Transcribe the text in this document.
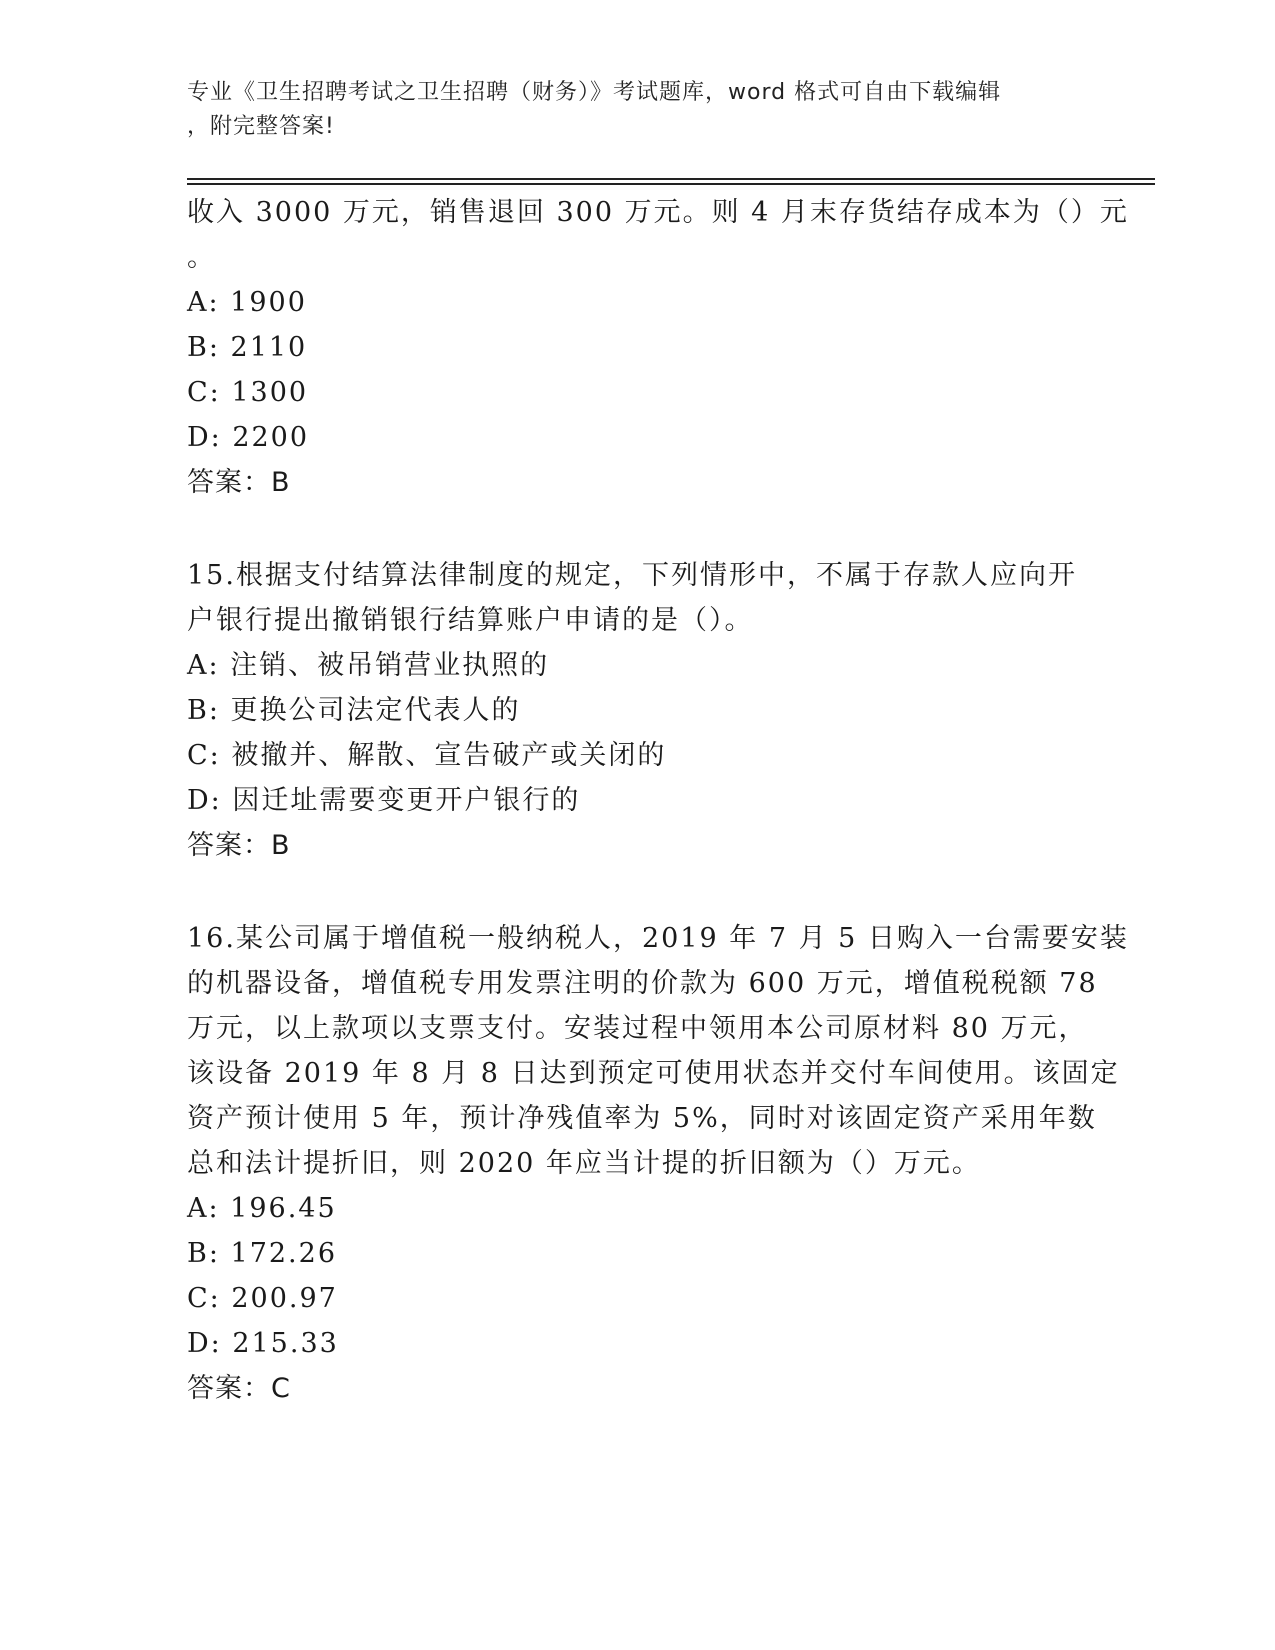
专业《卫生招聘考试之卫生招聘（财务）》考试题库，word 格式可自由下载编辑
，附完整答案!
收入 3000 万元，销售退回 300 万元。则 4 月末存货结存成本为（）元
。
A: 1900
B: 2110
C: 1300
D: 2200
答案：B
15.根据支付结算法律制度的规定，下列情形中，不属于存款人应向开
户银行提出撤销银行结算账户申请的是（）。
A: 注销、被吊销营业执照的
B: 更换公司法定代表人的
C: 被撤并、解散、宣告破产或关闭的
D: 因迁址需要变更开户银行的
答案：B
16.某公司属于增值税一般纳税人，2019 年 7 月 5 日购入一台需要安装
的机器设备，增值税专用发票注明的价款为 600 万元，增值税税额 78
万元，以上款项以支票支付。安装过程中领用本公司原材料 80 万元，
该设备 2019 年 8 月 8 日达到预定可使用状态并交付车间使用。该固定
资产预计使用 5 年，预计净残值率为 5%，同时对该固定资产采用年数
总和法计提折旧，则 2020 年应当计提的折旧额为（）万元。
A: 196.45
B: 172.26
C: 200.97
D: 215.33
答案：C
